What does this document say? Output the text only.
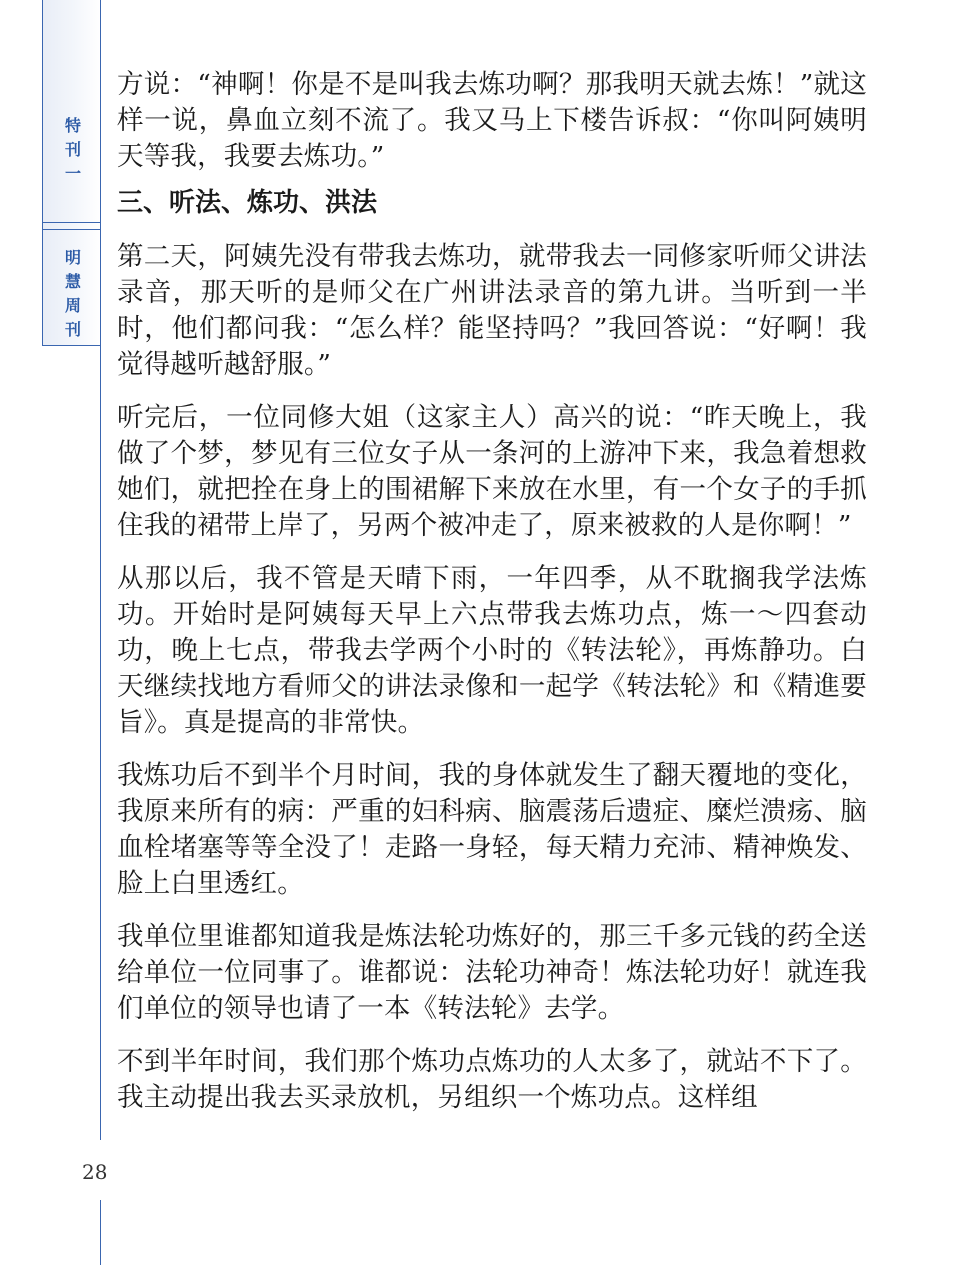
特
刊
一
明
慧
周
刊
28

方说：“神啊！你是不是叫我去炼功啊？那我明天就去炼！”就这样一说，鼻血立刻不流了。我又马上下楼告诉叔：“你叫阿姨明天等我，我要去炼功。”

三、听法、炼功、洪法

第二天，阿姨先没有带我去炼功，就带我去一同修家听师父讲法录音，那天听的是师父在广州讲法录音的第九讲。当听到一半时，他们都问我：“怎么样？能坚持吗？”我回答说：“好啊！我觉得越听越舒服。”

听完后，一位同修大姐（这家主人）高兴的说：“昨天晚上，我做了个梦，梦见有三位女子从一条河的上游冲下来，我急着想救她们，就把拴在身上的围裙解下来放在水里，有一个女子的手抓住我的裙带上岸了，另两个被冲走了，原来被救的人是你啊！”

从那以后，我不管是天晴下雨，一年四季，从不耽搁我学法炼功。开始时是阿姨每天早上六点带我去炼功点，炼一～四套动功，晚上七点，带我去学两个小时的《转法轮》，再炼静功。白天继续找地方看师父的讲法录像和一起学《转法轮》和《精進要旨》。真是提高的非常快。

我炼功后不到半个月时间，我的身体就发生了翻天覆地的变化，我原来所有的病：严重的妇科病、脑震荡后遗症、糜烂溃疡、脑血栓堵塞等等全没了！走路一身轻，每天精力充沛、精神焕发、脸上白里透红。

我单位里谁都知道我是炼法轮功炼好的，那三千多元钱的药全送给单位一位同事了。谁都说：法轮功神奇！炼法轮功好！就连我们单位的领导也请了一本《转法轮》去学。

不到半年时间，我们那个炼功点炼功的人太多了，就站不下了。我主动提出我去买录放机，另组织一个炼功点。这样组
